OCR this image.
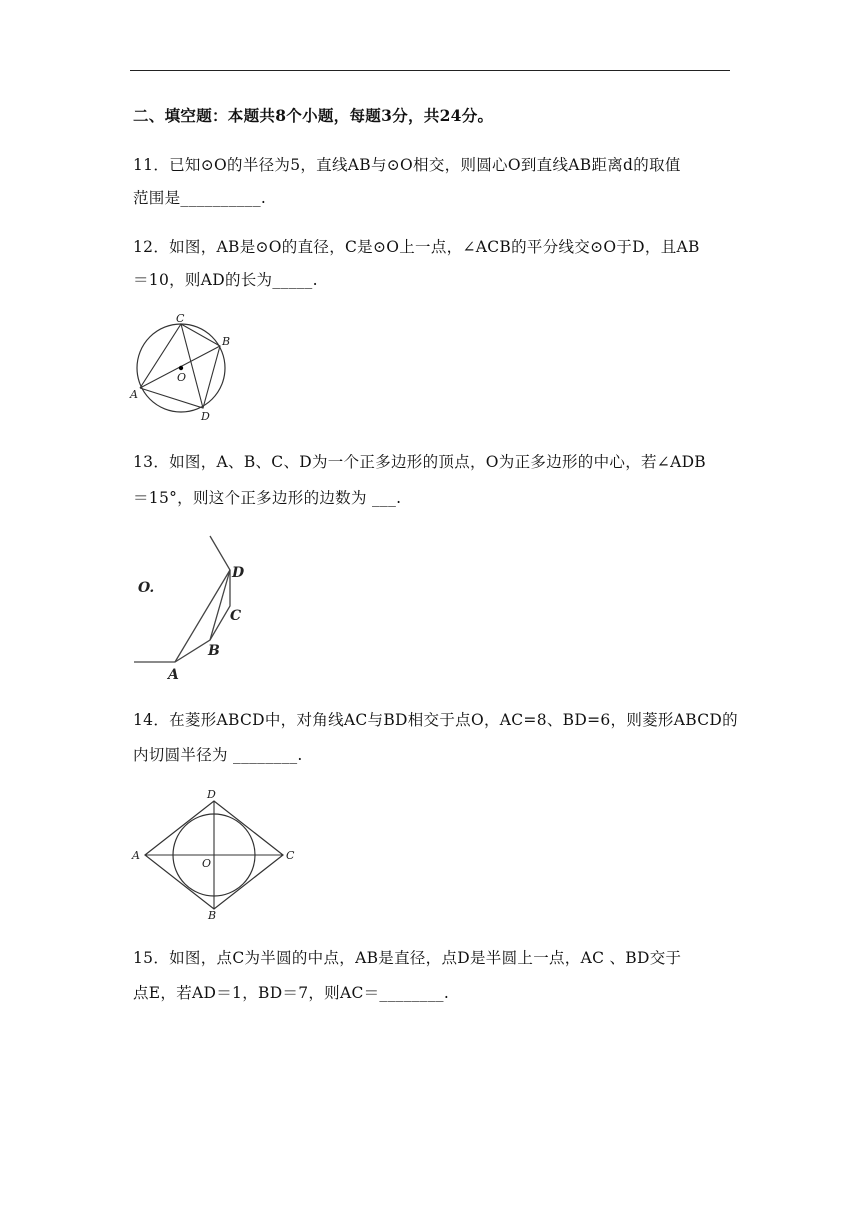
二、填空题：本题共8个小题，每题3分，共24分。
11．已知⊙O的半径为5，直线AB与⊙O相交，则圆心O到直线AB距离d的取值
范围是__________.
12．如图，AB是⊙O的直径，C是⊙O上一点，∠ACB的平分线交⊙O于D，且AB
＝10，则AD的长为_____.
C
B
O
A
D
13．如图，A、B、C、D为一个正多边形的顶点，O为正多边形的中心，若∠ADB
＝15°，则这个正多边形的边数为 ___.
O.
D
C
B
A
14．在菱形ABCD中，对角线AC与BD相交于点O，AC=8、BD=6，则菱形ABCD的
内切圆半径为 ________.
D
A	C
O
B
15．如图，点C为半圆的中点，AB是直径，点D是半圆上一点，AC 、BD交于
点E，若AD＝1，BD＝7，则AC＝________.
